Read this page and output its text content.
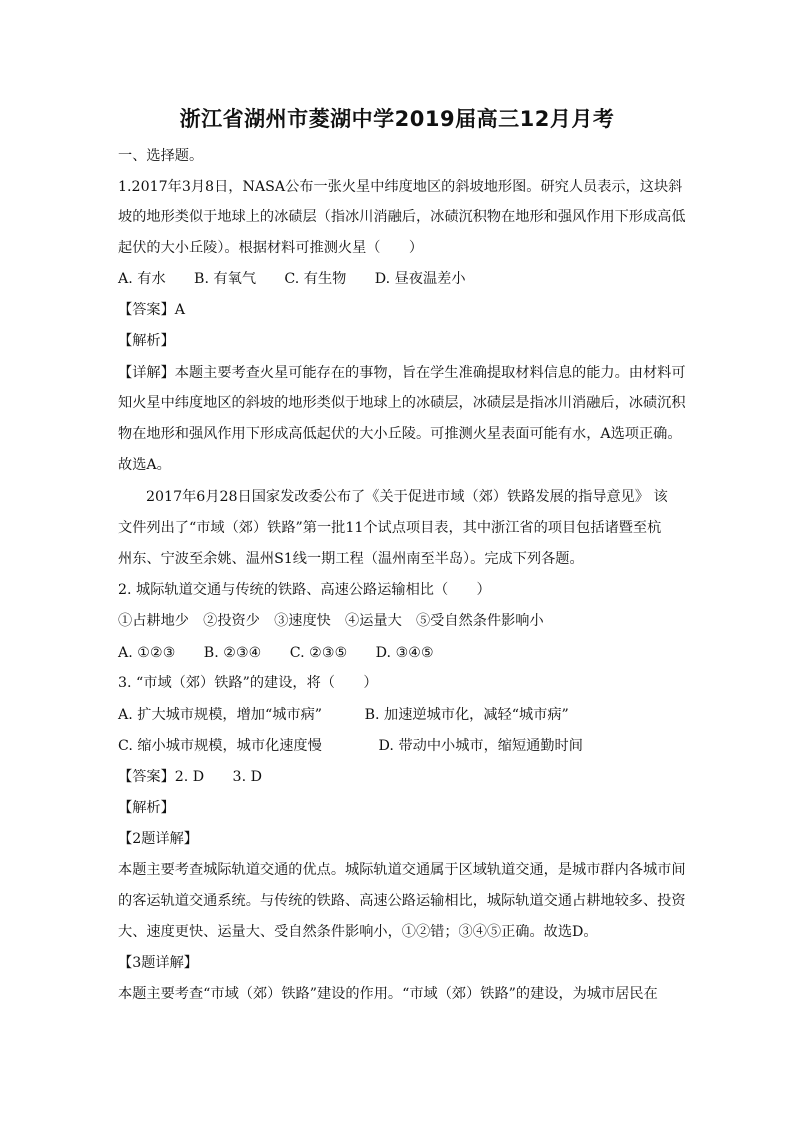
浙江省湖州市菱湖中学2019届高三12月月考
一、选择题。
1.2017年3月8日，NASA公布一张火星中纬度地区的斜坡地形图。研究人员表示，这块斜
坡的地形类似于地球上的冰碛层（指冰川消融后，冰碛沉积物在地形和强风作用下形成高低
起伏的大小丘陵）。根据材料可推测火星（　　）
A. 有水　　B. 有氧气　　C. 有生物　　D. 昼夜温差小
【答案】A
【解析】
【详解】本题主要考查火星可能存在的事物，旨在学生准确提取材料信息的能力。由材料可
知火星中纬度地区的斜坡的地形类似于地球上的冰碛层，冰碛层是指冰川消融后，冰碛沉积
物在地形和强风作用下形成高低起伏的大小丘陵。可推测火星表面可能有水，A选项正确。
故选A。
2017年6月28日国家发改委公布了《关于促进市域（郊）铁路发展的指导意见》 该
文件列出了“市域（郊）铁路”第一批11个试点项目表，其中浙江省的项目包括诸暨至杭
州东、宁波至余姚、温州S1线一期工程（温州南至半岛）。完成下列各题。
2. 城际轨道交通与传统的铁路、高速公路运输相比（　　）
①占耕地少　②投资少　③速度快　④运量大　⑤受自然条件影响小
A. ①②③　　B. ②③④　　C. ②③⑤　　D. ③④⑤
3. “市域（郊）铁路”的建设，将（　　）
A. 扩大城市规模，增加“城市病”　　　B. 加速逆城市化，减轻“城市病”
C. 缩小城市规模，城市化速度慢　　　　D. 带动中小城市，缩短通勤时间
【答案】2. D　　3. D
【解析】
【2题详解】
本题主要考查城际轨道交通的优点。城际轨道交通属于区域轨道交通，是城市群内各城市间
的客运轨道交通系统。与传统的铁路、高速公路运输相比，城际轨道交通占耕地较多、投资
大、速度更快、运量大、受自然条件影响小，①②错；③④⑤正确。故选D。
【3题详解】
本题主要考查“市域（郊）铁路”建设的作用。“市域（郊）铁路”的建设，为城市居民在
